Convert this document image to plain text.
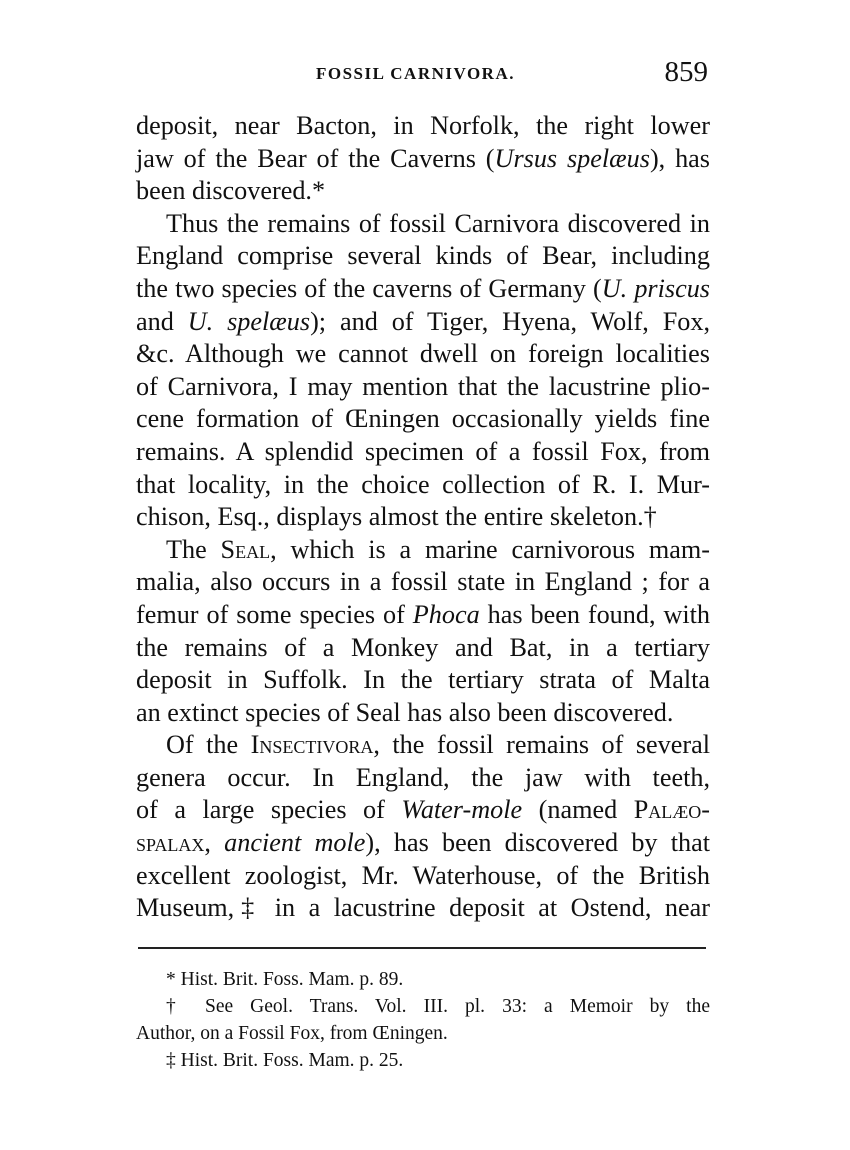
FOSSIL CARNIVORA.	859
deposit, near Bacton, in Norfolk, the right lower
jaw of the Bear of the Caverns (Ursus spelæus), has
been discovered.*
Thus the remains of fossil Carnivora discovered in
England comprise several kinds of Bear, including
the two species of the caverns of Germany (U. priscus
and U. spelæus); and of Tiger, Hyena, Wolf, Fox,
&c. Although we cannot dwell on foreign localities
of Carnivora, I may mention that the lacustrine plio-
cene formation of Œningen occasionally yields fine
remains. A splendid specimen of a fossil Fox, from
that locality, in the choice collection of R. I. Mur-
chison, Esq., displays almost the entire skeleton.†
The Seal, which is a marine carnivorous mam-
malia, also occurs in a fossil state in England ; for a
femur of some species of Phoca has been found, with
the remains of a Monkey and Bat, in a tertiary
deposit in Suffolk. In the tertiary strata of Malta
an extinct species of Seal has also been discovered.
Of the Insectivora, the fossil remains of several
genera occur. In England, the jaw with teeth,
of a large species of Water-mole (named Palæo-
spalax, ancient mole), has been discovered by that
excellent zoologist, Mr. Waterhouse, of the British
Museum,‡ in a lacustrine deposit at Ostend, near
* Hist. Brit. Foss. Mam. p. 89.
† See Geol. Trans. Vol. III. pl. 33: a Memoir by the
Author, on a Fossil Fox, from Œningen.
‡ Hist. Brit. Foss. Mam. p. 25.
